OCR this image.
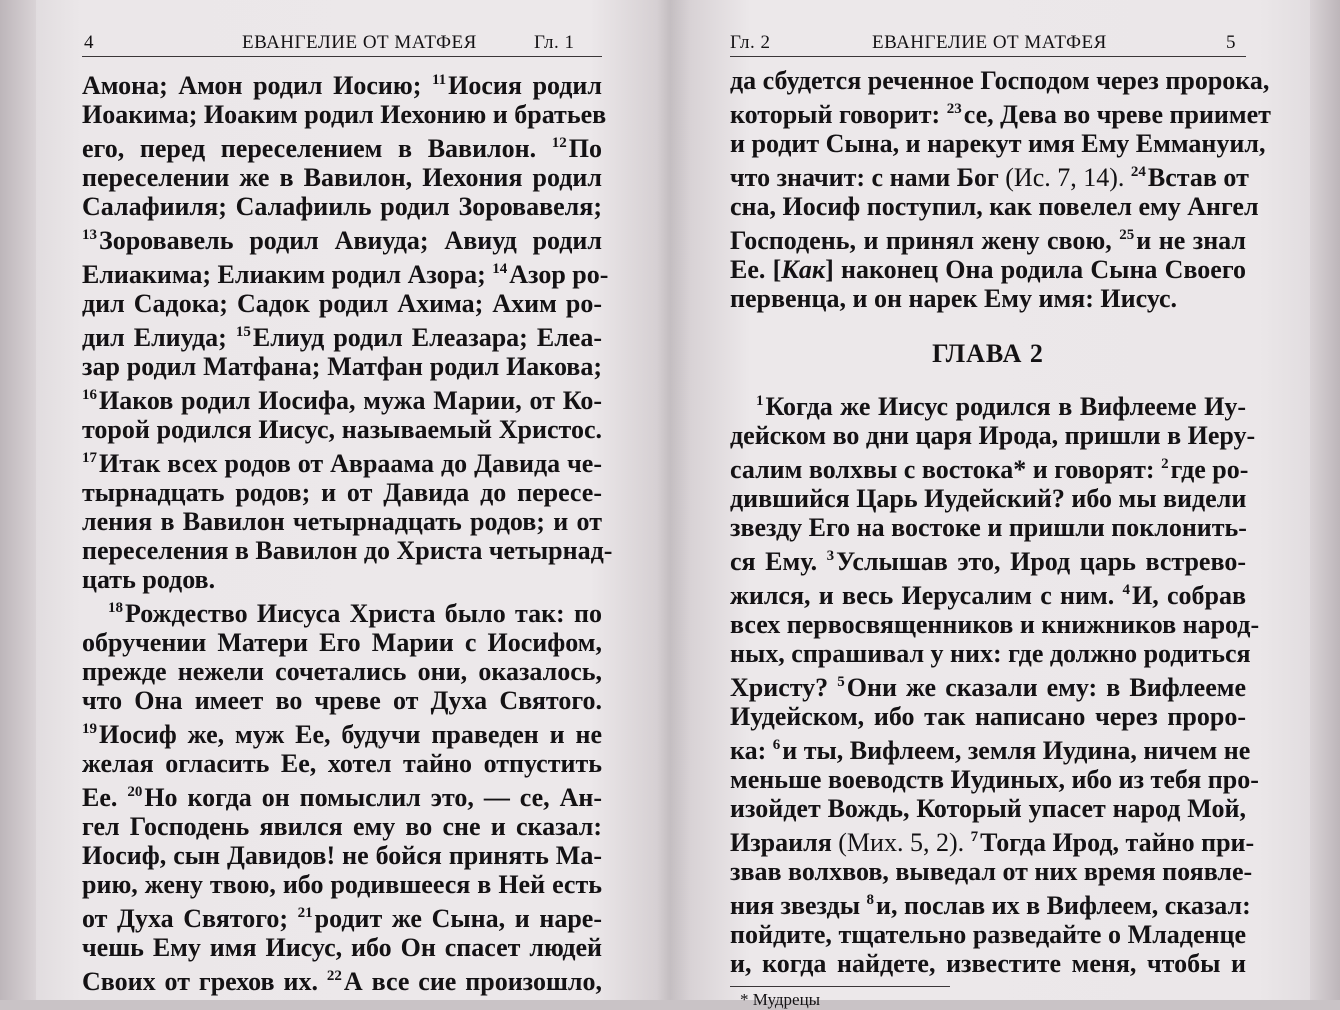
4	ЕВАНГЕЛИЕ ОТ МАТФЕЯ	Гл. 1
Амона; Амон родил Иосию; $^{11}$Иосия родил
Иоакима; Иоаким родил Иехонию и братьев
его, перед переселением в Вавилон. $^{12}$По
переселении же в Вавилон, Иехония родил
Салафииля; Салафииль родил Зоровавеля;
$^{13}$Зоровавель родил Авиуда; Авиуд родил
Елиакима; Елиаким родил Азора; $^{14}$Азор ро-
дил Садока; Садок родил Ахима; Ахим ро-
дил Елиуда; $^{15}$Елиуд родил Елеазара; Елеа-
зар родил Матфана; Матфан родил Иакова;
$^{16}$Иаков родил Иосифа, мужа Марии, от Ко-
торой родился Иисус, называемый Христос.
$^{17}$Итак всех родов от Авраама до Давида че-
тырнадцать родов; и от Давида до пересе-
ления в Вавилон четырнадцать родов; и от
переселения в Вавилон до Христа четырнад-
цать родов.
$^{18}$Рождество Иисуса Христа было так: по
обручении Матери Его Марии с Иосифом,
прежде нежели сочетались они, оказалось,
что Она имеет во чреве от Духа Святого.
$^{19}$Иосиф же, муж Ее, будучи праведен и не
желая огласить Ее, хотел тайно отпустить
Ее. $^{20}$Но когда он помыслил это, — се, Ан-
гел Господень явился ему во сне и сказал:
Иосиф, сын Давидов! не бойся принять Ма-
рию, жену твою, ибо родившееся в Ней есть
от Духа Святого; $^{21}$родит же Сына, и наре-
чешь Ему имя Иисус, ибо Он спасет людей
Своих от грехов их. $^{22}$А все сие произошло,
Гл. 2	ЕВАНГЕЛИЕ ОТ МАТФЕЯ	5
да сбудется реченное Господом через пророка,
который говорит: $^{23}$се, Дева во чреве приимет
и родит Сына, и нарекут имя Ему Еммануил,
что значит: с нами Бог (Ис. 7, 14). $^{24}$Встав от
сна, Иосиф поступил, как повелел ему Ангел
Господень, и принял жену свою, $^{25}$и не знал
Ее. [Как] наконец Она родила Сына Своего
первенца, и он нарек Ему имя: Иисус.
ГЛАВА 2
$^1$Когда же Иисус родился в Вифлееме Иу-
дейском во дни царя Ирода, пришли в Иеру-
салим волхвы с востока* и говорят: $^2$где ро-
дившийся Царь Иудейский? ибо мы видели
звезду Его на востоке и пришли поклонить-
ся Ему. $^3$Услышав это, Ирод царь встрево-
жился, и весь Иерусалим с ним. $^4$И, собрав
всех первосвященников и книжников народ-
ных, спрашивал у них: где должно родиться
Христу? $^5$Они же сказали ему: в Вифлееме
Иудейском, ибо так написано через проро-
ка: $^6$и ты, Вифлеем, земля Иудина, ничем не
меньше воеводств Иудиных, ибо из тебя про-
изойдет Вождь, Который упасет народ Мой,
Израиля (Мих. 5, 2). $^7$Тогда Ирод, тайно при-
звав волхвов, выведал от них время появле-
ния звезды $^8$и, послав их в Вифлеем, сказал:
пойдите, тщательно разведайте о Младенце
и, когда найдете, известите меня, чтобы и
* Мудрецы
